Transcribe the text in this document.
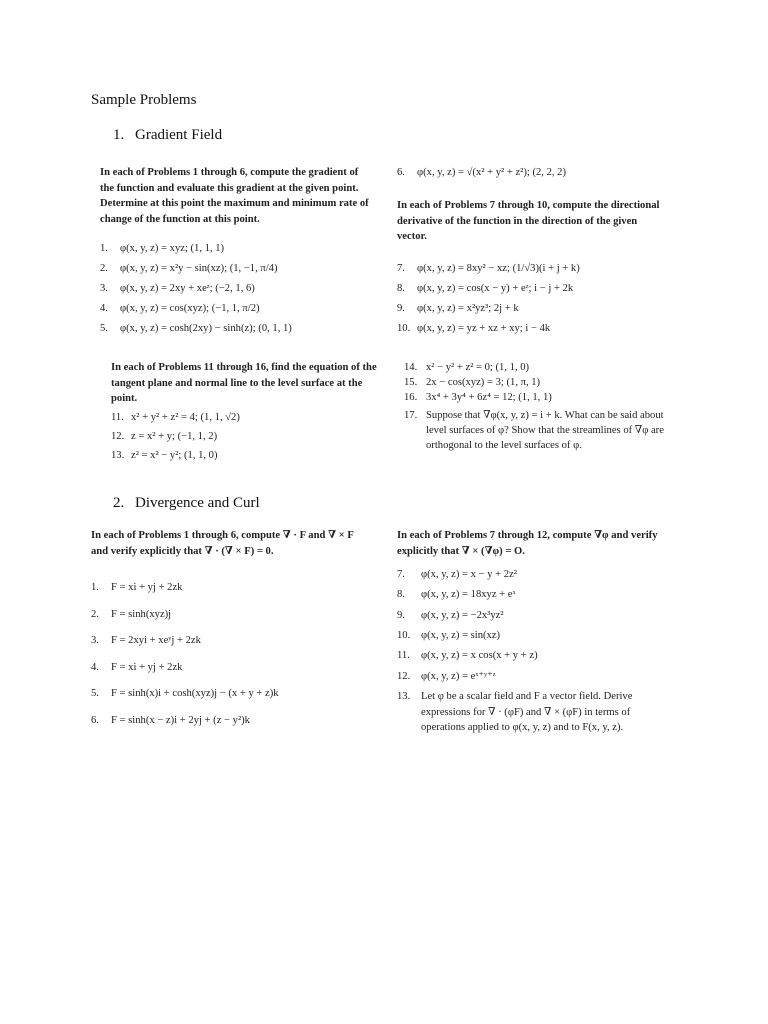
Sample Problems
1. Gradient Field
In each of Problems 1 through 6, compute the gradient of the function and evaluate this gradient at the given point. Determine at this point the maximum and minimum rate of change of the function at this point.
1. φ(x, y, z) = xyz; (1, 1, 1)
2. φ(x, y, z) = x²y − sin(xz); (1, −1, π/4)
3. φ(x, y, z) = 2xy + xeᶻ; (−2, 1, 6)
4. φ(x, y, z) = cos(xyz); (−1, 1, π/2)
5. φ(x, y, z) = cosh(2xy) − sinh(z); (0, 1, 1)
6. φ(x, y, z) = √(x² + y² + z²); (2, 2, 2)
In each of Problems 7 through 10, compute the directional derivative of the function in the direction of the given vector.
7. φ(x, y, z) = 8xy² − xz; (1/√3)(i + j + k)
8. φ(x, y, z) = cos(x − y) + eᶻ; i − j + 2k
9. φ(x, y, z) = x²yz³; 2j + k
10. φ(x, y, z) = yz + xz + xy; i − 4k
In each of Problems 11 through 16, find the equation of the tangent plane and normal line to the level surface at the point.
11. x² + y² + z² = 4; (1, 1, √2)
12. z = x² + y; (−1, 1, 2)
13. z² = x² − y²; (1, 1, 0)
14. x² − y² + z² = 0; (1, 1, 0)
15. 2x − cos(xyz) = 3; (1, π, 1)
16. 3x⁴ + 3y⁴ + 6z⁴ = 12; (1, 1, 1)
17. Suppose that ∇φ(x, y, z) = i + k. What can be said about level surfaces of φ? Show that the streamlines of ∇φ are orthogonal to the level surfaces of φ.
2. Divergence and Curl
In each of Problems 1 through 6, compute ∇ · F and ∇ × F and verify explicitly that ∇ · (∇ × F) = 0.
1. F = xi + yj + 2zk
2. F = sinh(xyz)j
3. F = 2xyi + xeʸj + 2zk
4. F = xi + yj + 2zk
5. F = sinh(x)i + cosh(xyz)j − (x + y + z)k
6. F = sinh(x − z)i + 2yj + (z − y²)k
In each of Problems 7 through 12, compute ∇φ and verify explicitly that ∇ × (∇φ) = O.
7. φ(x, y, z) = x − y + 2z²
8. φ(x, y, z) = 18xyz + eˣ
9. φ(x, y, z) = −2x³yz²
10. φ(x, y, z) = sin(xz)
11. φ(x, y, z) = x cos(x + y + z)
12. φ(x, y, z) = eˣ⁺ʸ⁺ᶻ
13. Let φ be a scalar field and F a vector field. Derive expressions for ∇ · (φF) and ∇ × (φF) in terms of operations applied to φ(x, y, z) and to F(x, y, z).
